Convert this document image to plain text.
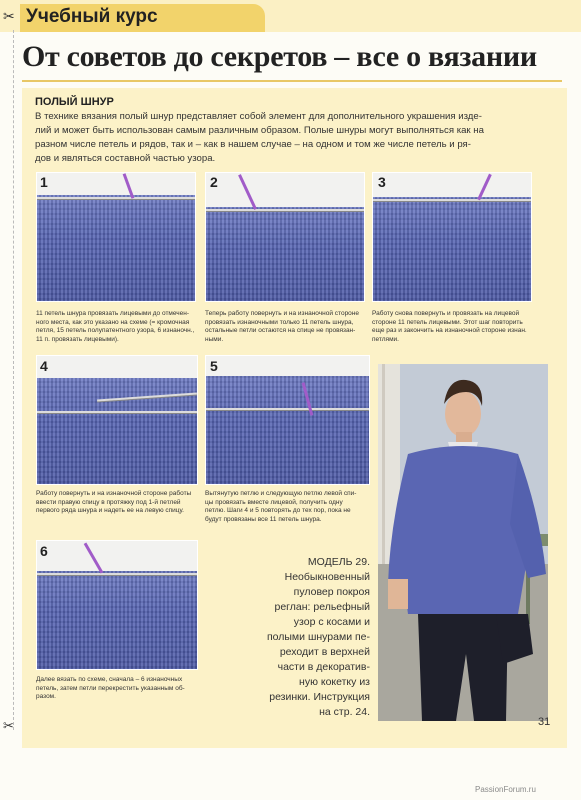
Учебный курс
✂
✂
От советов до секретов – все о вязании
ПОЛЫЙ ШНУР
В технике вязания полый шнур представляет собой элемент для дополнительного украшения изде-
лий и может быть использован самым различным образом. Полые шнуры могут выполняться как на
разном числе петель и рядов, так и – как в нашем случае – на одном и том же числе петель и ря-
дов и являться составной частью узора.
1
11 петель шнура провязать лицевыми до отмечен-
ного места, как это указано на схеме (= кромочная
петля, 15 петель полупатентного узора, 6 изнаночн.,
11 п. провязать лицевыми).
2
Теперь работу повернуть и на изнаночной стороне
провязать изнаночными только 11 петель шнура,
остальные петли остаются на спице не провязан-
ными.
3
Работу снова повернуть и провязать на лицевой
стороне 11 петель лицевыми. Этот шаг повторить
еще раз и закончить на изнаночной стороне изнан.
петлями.
4
Работу повернуть и на изнаночной стороне работы
ввести правую спицу в протяжку под 1-й петлей
первого ряда шнура и надеть ее на левую спицу.
5
Вытянутую петлю и следующую петлю левой спи-
цы провязать вместе лицевой, получить одну
петлю. Шаги 4 и 5 повторять до тех пор, пока не
будут провязаны все 11 петель шнура.
6
Далее вязать по схеме, сначала – 6 изнаночных
петель, затем петли перекрестить указанным об-
разом.
МОДЕЛЬ 29.
Необыкновенный
пуловер покроя
реглан: рельефный
узор с косами и
полыми шнурами пе-
реходит в верхней
части в декоратив-
ную кокетку из
резинки. Инструкция
на стр. 24.
31
PassionForum.ru
